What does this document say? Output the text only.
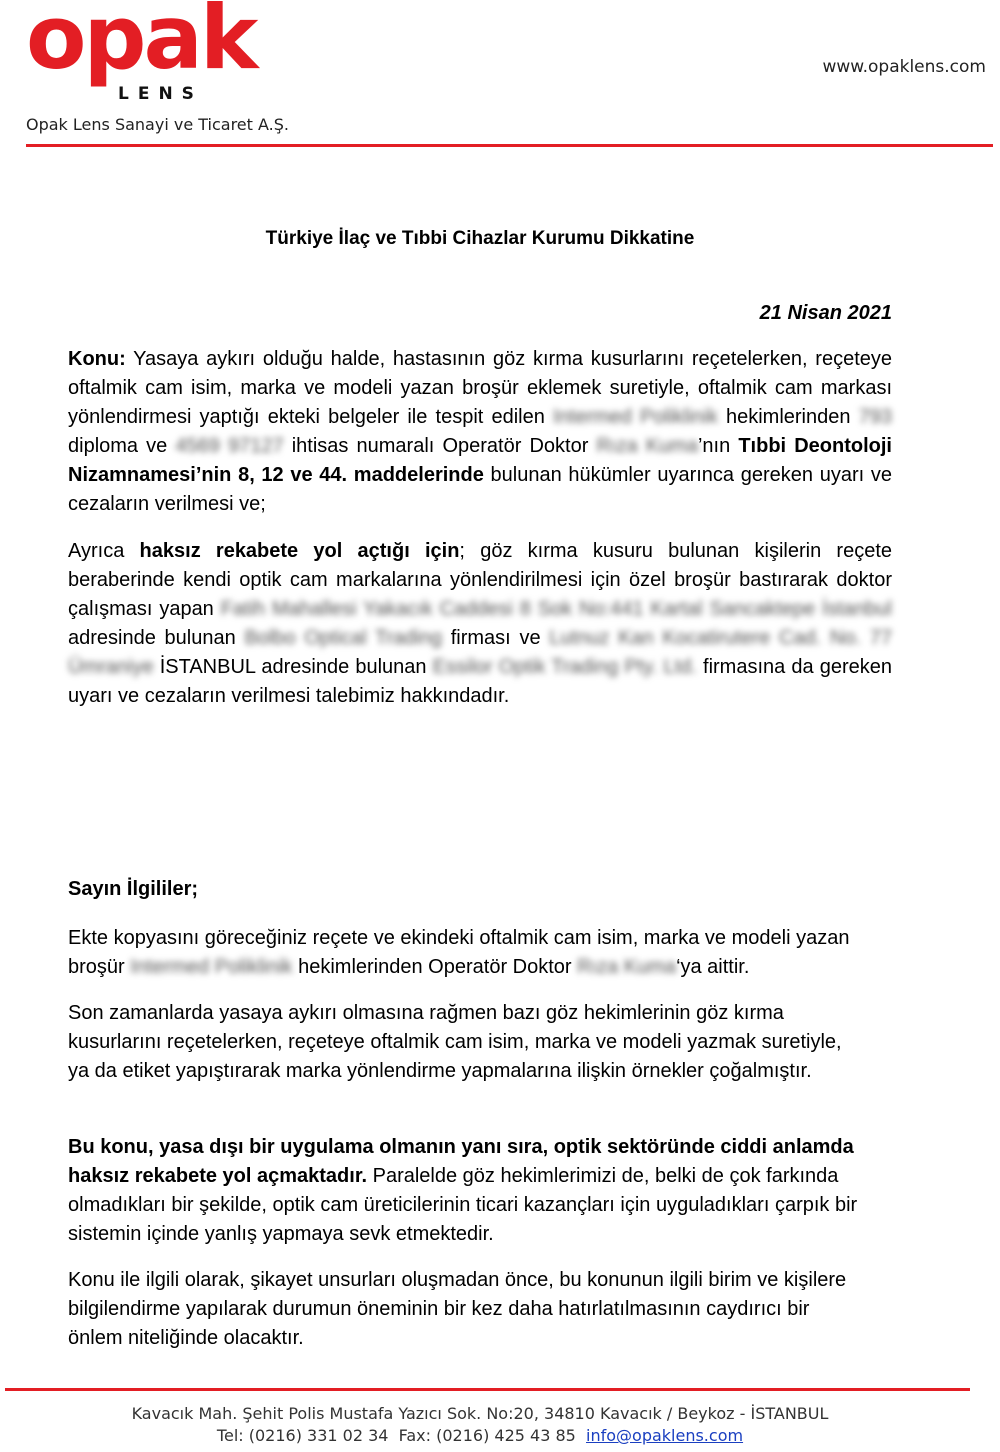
opak
LENS
Opak Lens Sanayi ve Ticaret A.Ş.
www.opaklens.com
Türkiye İlaç ve Tıbbi Cihazlar Kurumu Dikkatine
21 Nisan 2021
Konu: Yasaya aykırı olduğu halde, hastasının göz kırma kusurlarını reçetelerken, reçeteye oftalmik cam isim, marka ve modeli yazan broşür eklemek suretiyle, oftalmik cam markası yönlendirmesi yaptığı ekteki belgeler ile tespit edilen Intermed Poliklinik hekimlerinden 793 diploma ve 4569 97127 ihtisas numaralı Operatör Doktor Rıza Kuma’nın Tıbbi Deontoloji Nizamnamesi’nin 8, 12 ve 44. maddelerinde bulunan hükümler uyarınca gereken uyarı ve cezaların verilmesi ve;
Ayrıca haksız rekabete yol açtığı için; göz kırma kusuru bulunan kişilerin reçete beraberinde kendi optik cam markalarına yönlendirilmesi için özel broşür bastırarak doktor çalışması yapan Fatih Mahallesi Yakacık Caddesi 8 Sok No:441 Kartal Sancaktepe İstanbul adresinde bulunan Bolbo Optical Trading firması ve Lutnuz Kan Kocatirutere Cad. No. 77 Ümraniye İSTANBUL adresinde bulunan Essilor Optik Trading Pty. Ltd. firmasına da gereken uyarı ve cezaların verilmesi talebimiz hakkındadır.
Sayın İlgililer;
Ekte kopyasını göreceğiniz reçete ve ekindeki oftalmik cam isim, marka ve modeli yazan broşür Intermed Poliklinik hekimlerinden Operatör Doktor Rıza Kuma‘ya aittir.
Son zamanlarda yasaya aykırı olmasına rağmen bazı göz hekimlerinin göz kırma kusurlarını reçetelerken, reçeteye oftalmik cam isim, marka ve modeli yazmak suretiyle, ya da etiket yapıştırarak marka yönlendirme yapmalarına ilişkin örnekler çoğalmıştır.
Bu konu, yasa dışı bir uygulama olmanın yanı sıra, optik sektöründe ciddi anlamda haksız rekabete yol açmaktadır. Paralelde göz hekimlerimizi de, belki de çok farkında olmadıkları bir şekilde, optik cam üreticilerinin ticari kazançları için uyguladıkları çarpık bir sistemin içinde yanlış yapmaya sevk etmektedir.
Konu ile ilgili olarak, şikayet unsurları oluşmadan önce, bu konunun ilgili birim ve kişilere bilgilendirme yapılarak durumun öneminin bir kez daha hatırlatılmasının caydırıcı bir önlem niteliğinde olacaktır.
Kavacık Mah. Şehit Polis Mustafa Yazıcı Sok. No:20, 34810 Kavacık / Beykoz - İSTANBUL
Tel: (0216) 331 02 34 Fax: (0216) 425 43 85 info@opaklens.com
